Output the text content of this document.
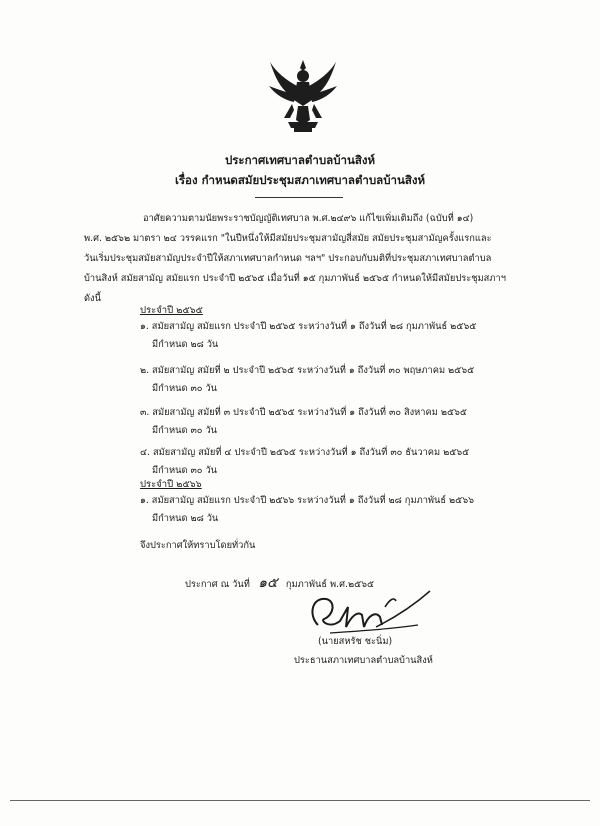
ประกาศเทศบาลตำบลบ้านสิงห์
เรื่อง กำหนดสมัยประชุมสภาเทศบาลตำบลบ้านสิงห์
อาศัยความตามนัยพระราชบัญญัติเทศบาล พ.ศ.๒๔๙๖ แก้ไขเพิ่มเติมถึง (ฉบับที่ ๑๔)
พ.ศ. ๒๕๖๒ มาตรา ๒๔ วรรคแรก "ในปีหนึ่งให้มีสมัยประชุมสามัญสี่สมัย สมัยประชุมสามัญครั้งแรกและ
วันเริ่มประชุมสมัยสามัญประจำปีให้สภาเทศบาลกำหนด ฯลฯ" ประกอบกับมติที่ประชุมสภาเทศบาลตำบล
บ้านสิงห์ สมัยสามัญ สมัยแรก ประจำปี ๒๕๖๕ เมื่อวันที่ ๑๕ กุมภาพันธ์ ๒๕๖๕ กำหนดให้มีสมัยประชุมสภาฯ
ดังนี้
ประจำปี ๒๕๖๕
๑. สมัยสามัญ สมัยแรก ประจำปี ๒๕๖๕ ระหว่างวันที่ ๑ ถึงวันที่ ๒๘ กุมภาพันธ์ ๒๕๖๕
มีกำหนด ๒๘ วัน
๒. สมัยสามัญ สมัยที่ ๒ ประจำปี ๒๕๖๕ ระหว่างวันที่ ๑ ถึงวันที่ ๓๐ พฤษภาคม ๒๕๖๕
มีกำหนด ๓๐ วัน
๓. สมัยสามัญ สมัยที่ ๓ ประจำปี ๒๕๖๕ ระหว่างวันที่ ๑ ถึงวันที่ ๓๐ สิงหาคม ๒๕๖๕
มีกำหนด ๓๐ วัน
๔. สมัยสามัญ สมัยที่ ๔ ประจำปี ๒๕๖๕ ระหว่างวันที่ ๑ ถึงวันที่ ๓๐ ธันวาคม ๒๕๖๕
มีกำหนด ๓๐ วัน
ประจำปี ๒๕๖๖
๑. สมัยสามัญ สมัยแรก ประจำปี ๒๕๖๖ ระหว่างวันที่ ๑ ถึงวันที่ ๒๘ กุมภาพันธ์ ๒๕๖๖
มีกำหนด ๒๘ วัน
จึงประกาศให้ทราบโดยทั่วกัน
ประกาศ ณ วันที่ ๑๕ กุมภาพันธ์ พ.ศ.๒๕๖๕
(นายสหรัช ชะนิ่ม)
ประธานสภาเทศบาลตำบลบ้านสิงห์
